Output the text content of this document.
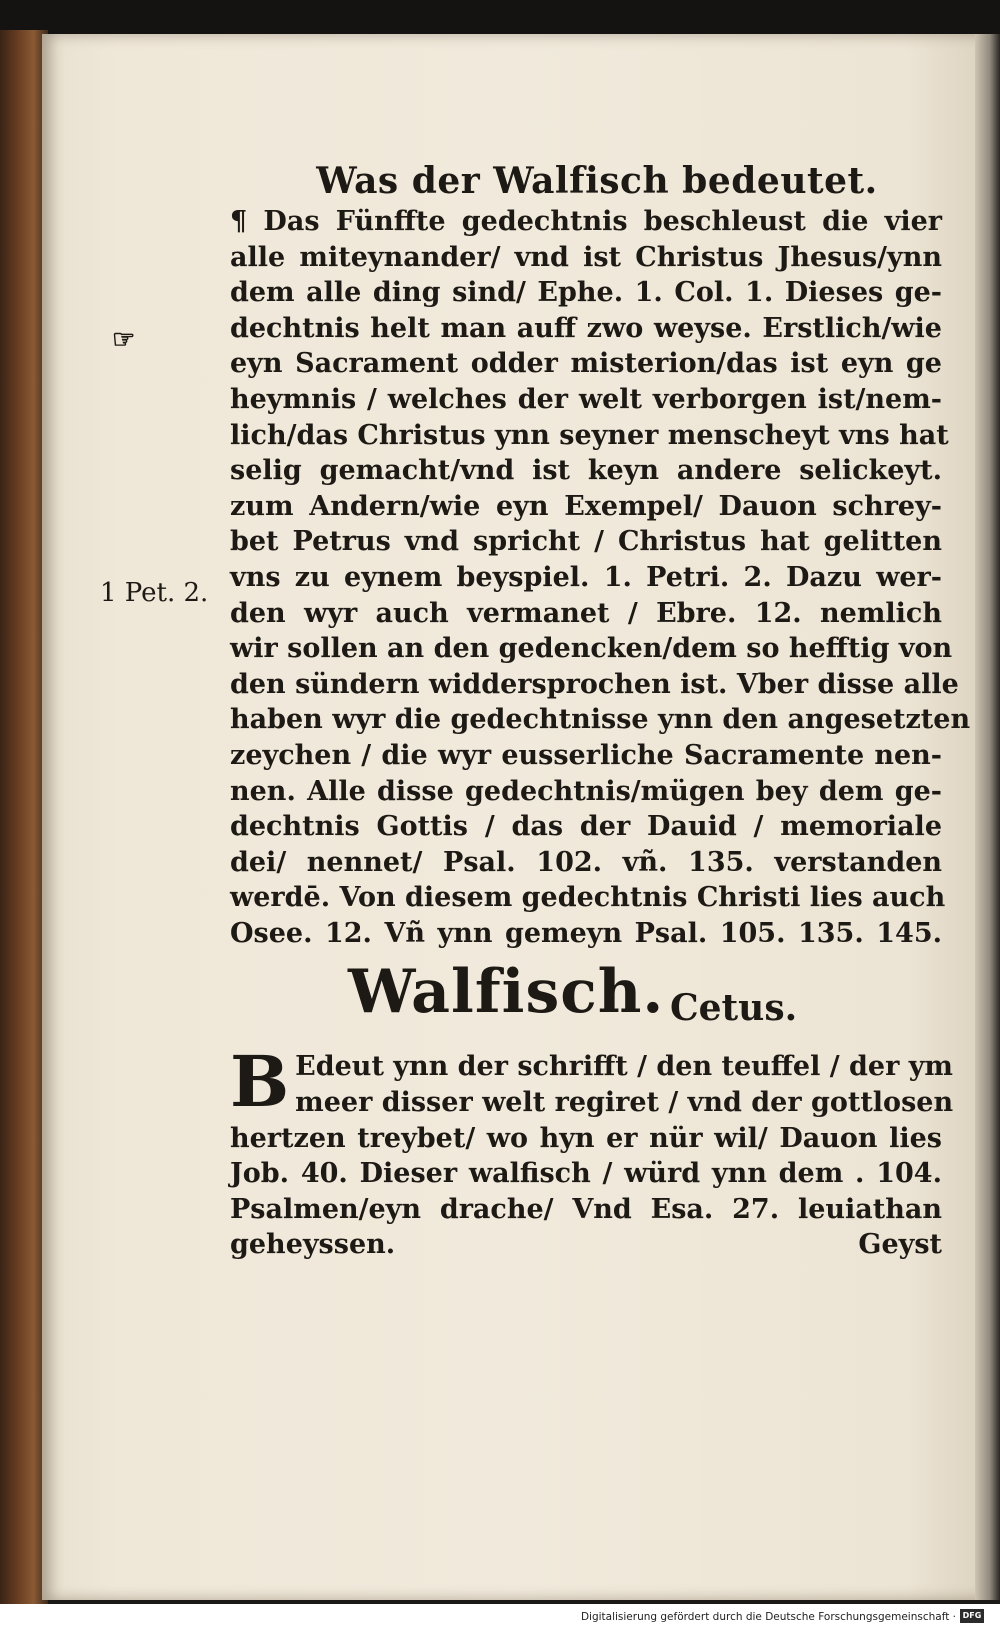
☞
1 Pet. 2.
Was der Walfisch bedeutet.
¶ Das Fünffte gedechtnis beschleust die vier
alle miteynander/ vnd ist Christus Jhesus/ynn
dem alle ding sind/ Ephe. 1. Col. 1. Dieses ge‑
dechtnis helt man auff zwo weyse. Erstlich/wie
eyn Sacrament odder misterion/das ist eyn ge
heymnis / welches der welt verborgen ist/nem‑
lich/das Christus ynn seyner menscheyt vns hat
selig gemacht/vnd ist keyn andere selickeyt.
zum Andern/wie eyn Exempel/ Dauon schrey‑
bet Petrus vnd spricht / Christus hat gelitten
vns zu eynem beyspiel. 1. Petri. 2. Dazu wer‑
den wyr auch vermanet / Ebre. 12. nemlich
wir sollen an den gedencken/dem so hefftig von
den sündern widdersprochen ist. Vber disse alle
haben wyr die gedechtnisse ynn den angesetzten
zeychen / die wyr eusserliche Sacramente nen‑
nen. Alle disse gedechtnis/mügen bey dem ge‑
dechtnis Gottis / das der Dauid / memoriale
dei/ nennet/ Psal. 102. vñ. 135. verstanden
werdē. Von diesem gedechtnis Christi lies auch
Osee. 12. Vñ ynn gemeyn Psal. 105. 135. 145.
Walfisch. Cetus.
B Edeut ynn der schrifft / den teuffel / der ym
meer disser welt regiret / vnd der gottlosen
hertzen treybet/ wo hyn er nür wil/ Dauon lies
Job. 40. Dieser walfisch / würd ynn dem . 104.
Psalmen/eyn drache/ Vnd Esa. 27. leuiathan
geheyssen.	Geyst
Digitalisierung gefördert durch die Deutsche Forschungsgemeinschaft · DFG
